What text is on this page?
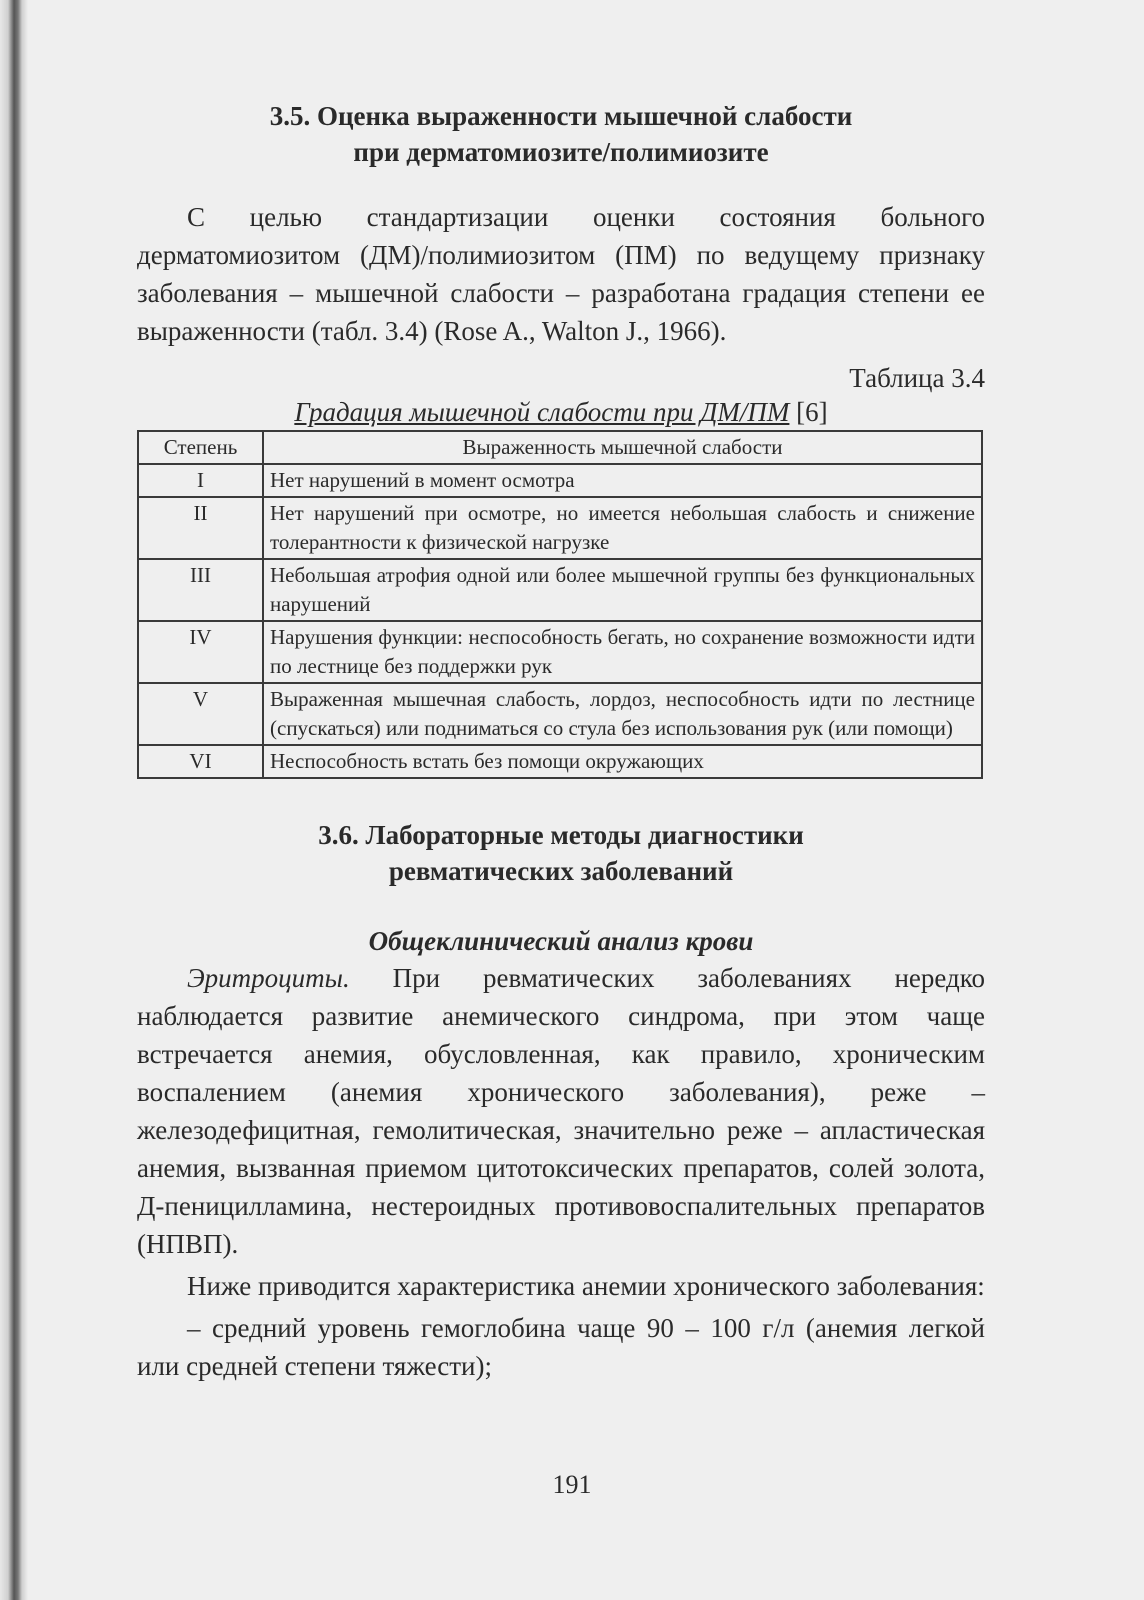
3.5. Оценка выраженности мышечной слабости
при дерматомиозите/полимиозите

С целью стандартизации оценки состояния больного дерматомиозитом (ДМ)/полимиозитом (ПМ) по ведущему признаку заболевания – мышечной слабости – разработана градация степени ее выраженности (табл. 3.4) (Rose A., Walton J., 1966).

Таблица 3.4
Градация мышечной слабости при ДМ/ПМ [6]
Степень	Выраженность мышечной слабости
I	Нет нарушений в момент осмотра
II	Нет нарушений при осмотре, но имеется небольшая слабость и снижение толерантности к физической нагрузке
III	Небольшая атрофия одной или более мышечной группы без функциональных нарушений
IV	Нарушения функции: неспособность бегать, но сохранение возможности идти по лестнице без поддержки рук
V	Выраженная мышечная слабость, лордоз, неспособность идти по лестнице (спускаться) или подниматься со стула без использования рук (или помощи)
VI	Неспособность встать без помощи окружающих
3.6. Лабораторные методы диагностики
ревматических заболеваний
Общеклинический анализ крови

Эритроциты. При ревматических заболеваниях нередко наблюдается развитие анемического синдрома, при этом чаще встречается анемия, обусловленная, как правило, хроническим воспалением (анемия хронического заболевания), реже – железодефицитная, гемолитическая, значительно реже – апластическая анемия, вызванная приемом цитотоксических препаратов, солей золота, Д-пеницилламина, нестероидных противовоспалительных препаратов (НПВП).

Ниже приводится характеристика анемии хронического заболевания:

– средний уровень гемоглобина чаще 90 – 100 г/л (анемия легкой или средней степени тяжести);

191
